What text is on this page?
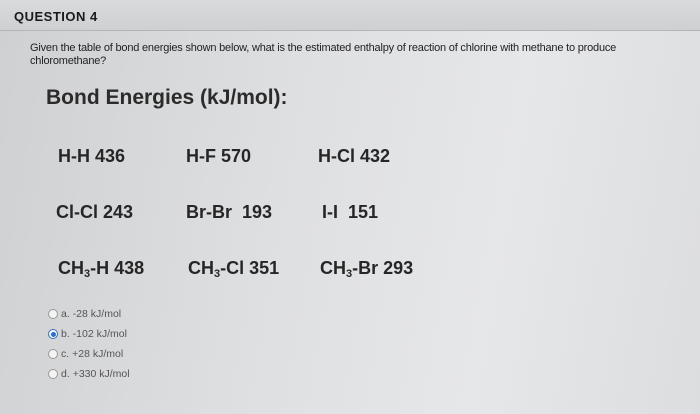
QUESTION 4
Given the table of bond energies shown below, what is the estimated enthalpy of reaction of chlorine with methane to produce chloromethane?
Bond Energies (kJ/mol):
H-H 436	H-F 570	H-Cl 432
Cl-Cl 243	Br-Br  193	I-I  151
$CH_3-H$ 438 $CH_3-Cl$ 351 $CH_3-Br$ 293
a.
-28 kJ/mol
b.
-102 kJ/mol
c.
+28 kJ/mol
d.
+330 kJ/mol
